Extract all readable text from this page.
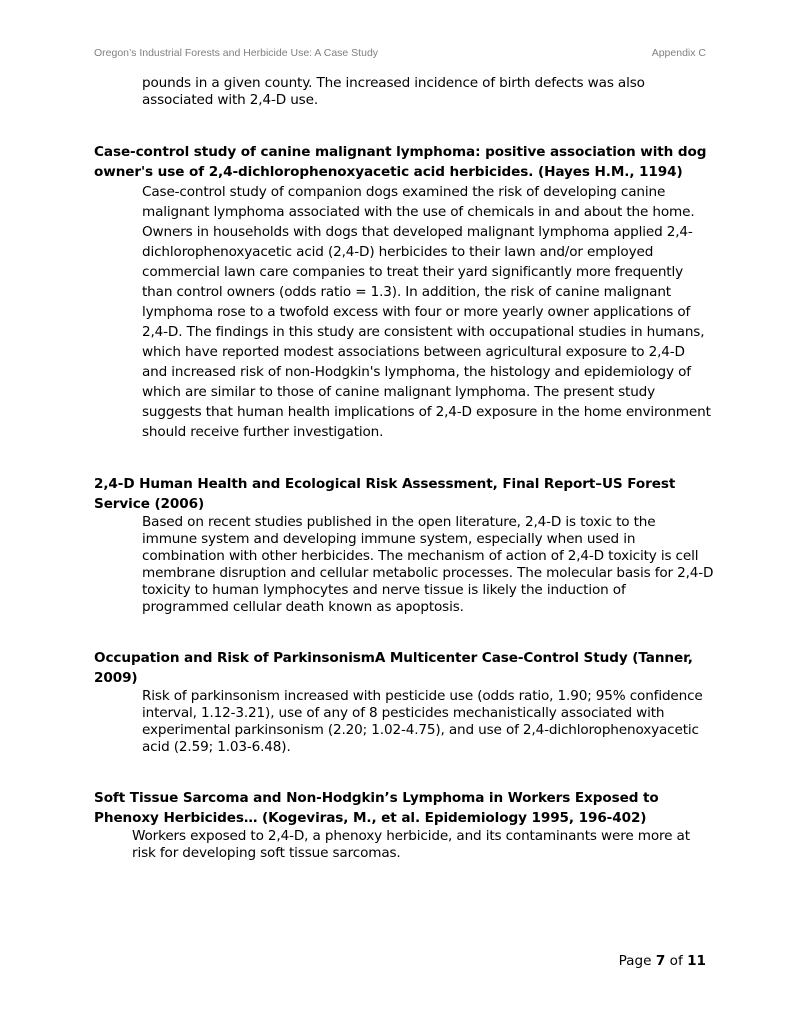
Oregon’s Industrial Forests and Herbicide Use: A Case Study	Appendix C

pounds in a given county. The increased incidence of birth defects was also associated with 2,4-D use.

Case-control study of canine malignant lymphoma: positive association with dog owner's use of 2,4-dichlorophenoxyacetic acid herbicides. (Hayes H.M., 1194)

Case-control study of companion dogs examined the risk of developing canine malignant lymphoma associated with the use of chemicals in and about the home. Owners in households with dogs that developed malignant lymphoma applied 2,4-dichlorophenoxyacetic acid (2,4-D) herbicides to their lawn and/or employed commercial lawn care companies to treat their yard significantly more frequently than control owners (odds ratio = 1.3). In addition, the risk of canine malignant lymphoma rose to a twofold excess with four or more yearly owner applications of 2,4-D. The findings in this study are consistent with occupational studies in humans, which have reported modest associations between agricultural exposure to 2,4-D and increased risk of non-Hodgkin's lymphoma, the histology and epidemiology of which are similar to those of canine malignant lymphoma. The present study suggests that human health implications of 2,4-D exposure in the home environment should receive further investigation.

2,4-D Human Health and Ecological Risk Assessment, Final Report–US Forest Service (2006)

Based on recent studies published in the open literature, 2,4-D is toxic to the immune system and developing immune system, especially when used in combination with other herbicides. The mechanism of action of 2,4-D toxicity is cell membrane disruption and cellular metabolic processes. The molecular basis for 2,4-D toxicity to human lymphocytes and nerve tissue is likely the induction of programmed cellular death known as apoptosis.

Occupation and Risk of ParkinsonismA Multicenter Case-Control Study (Tanner, 2009)

Risk of parkinsonism increased with pesticide use (odds ratio, 1.90; 95% confidence interval, 1.12-3.21), use of any of 8 pesticides mechanistically associated with experimental parkinsonism (2.20; 1.02-4.75), and use of 2,4-dichlorophenoxyacetic acid (2.59; 1.03-6.48).

Soft Tissue Sarcoma and Non-Hodgkin’s Lymphoma in Workers Exposed to Phenoxy Herbicides… (Kogeviras, M., et al. Epidemiology 1995, 196-402)

Workers exposed to 2,4-D, a phenoxy herbicide, and its contaminants were more at risk for developing soft tissue sarcomas.

Page 7 of 11
